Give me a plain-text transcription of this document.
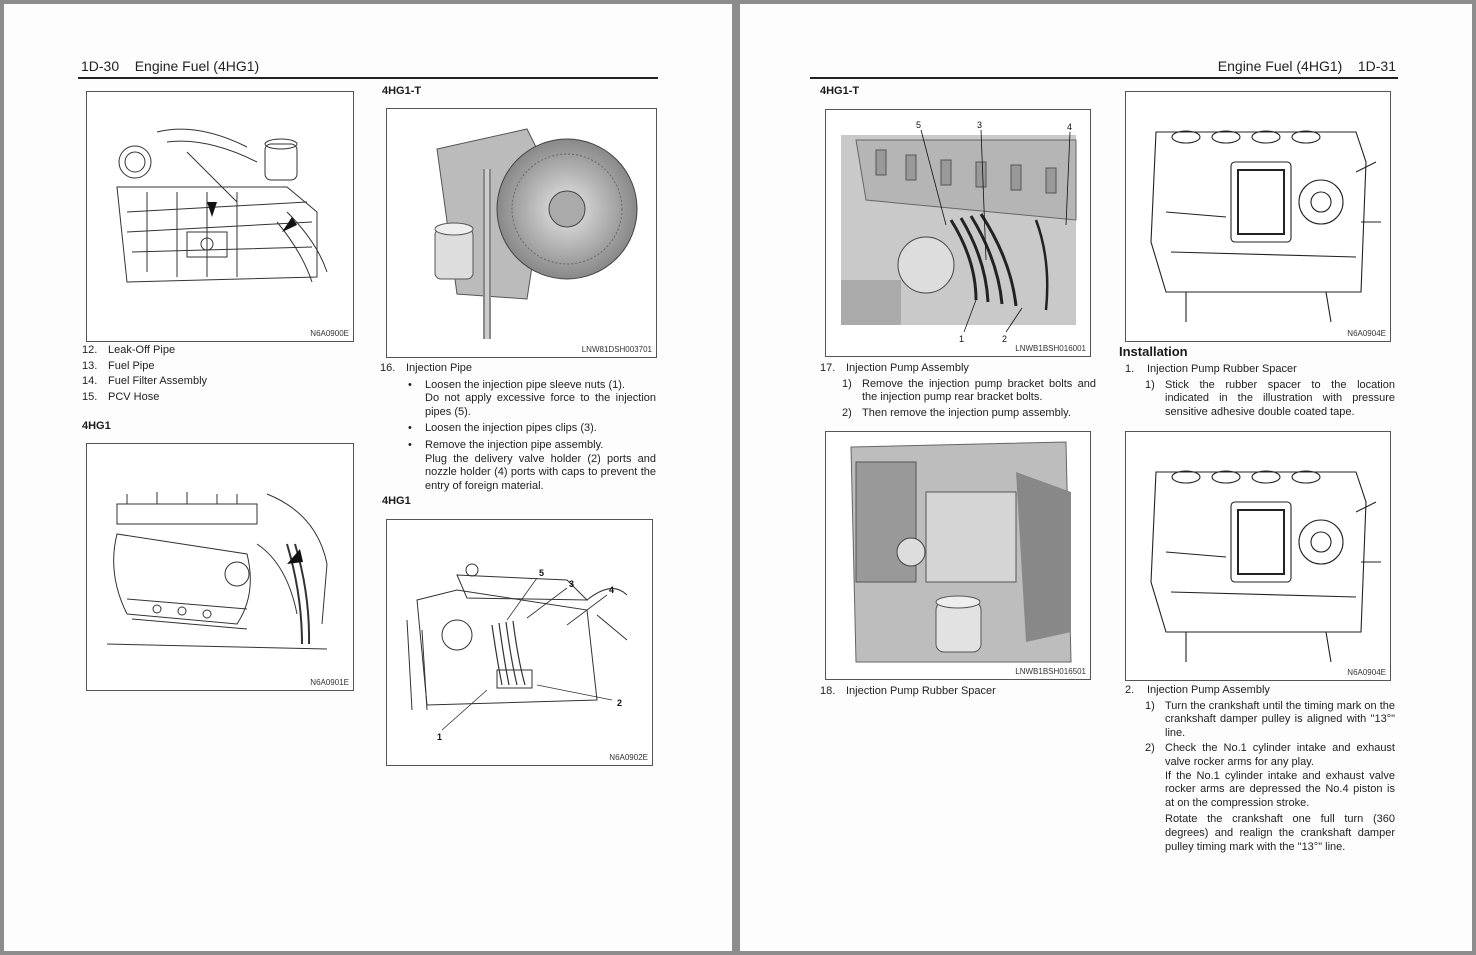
1D-30 Engine Fuel (4HG1)
N6A0900E
12. Leak-Off Pipe
13. Fuel Pipe
14. Fuel Filter Assembly
15. PCV Hose
4HG1
N6A0901E
4HG1-T
LNW81DSH003701
16. Injection Pipe
•	Loosen the injection pipe sleeve nuts (1).
Do not apply excessive force to the injection pipes (5).
•	Loosen the injection pipes clips (3).
•	Remove the injection pipe assembly.
Plug the delivery valve holder (2) ports and nozzle holder (4) ports with caps to prevent the entry of foreign material.
4HG1
5
3
4
2
1
N6A0902E
Engine Fuel (4HG1) 1D-31
4HG1-T
5	3	4
1	2
LNWB1BSH016001
17. Injection Pump Assembly
1) Remove the injection pump bracket bolts and the injection pump rear bracket bolts.
2) Then remove the injection pump assembly.
LNWB1BSH016501
18. Injection Pump Rubber Spacer
N6A0904E
Installation
1.	Injection Pump Rubber Spacer
1) Stick the rubber spacer to the location indicated in the illustration with pressure sensitive adhesive double coated tape.
N6A0904E
2.	Injection Pump Assembly
1) Turn the crankshaft until the timing mark on the crankshaft damper pulley is aligned with "13°" line.
2) Check the No.1 cylinder intake and exhaust valve rocker arms for any play.
If the No.1 cylinder intake and exhaust valve rocker arms are depressed the No.4 piston is at on the compression stroke.
Rotate the crankshaft one full turn (360 degrees) and realign the crankshaft damper pulley timing mark with the "13°" line.
